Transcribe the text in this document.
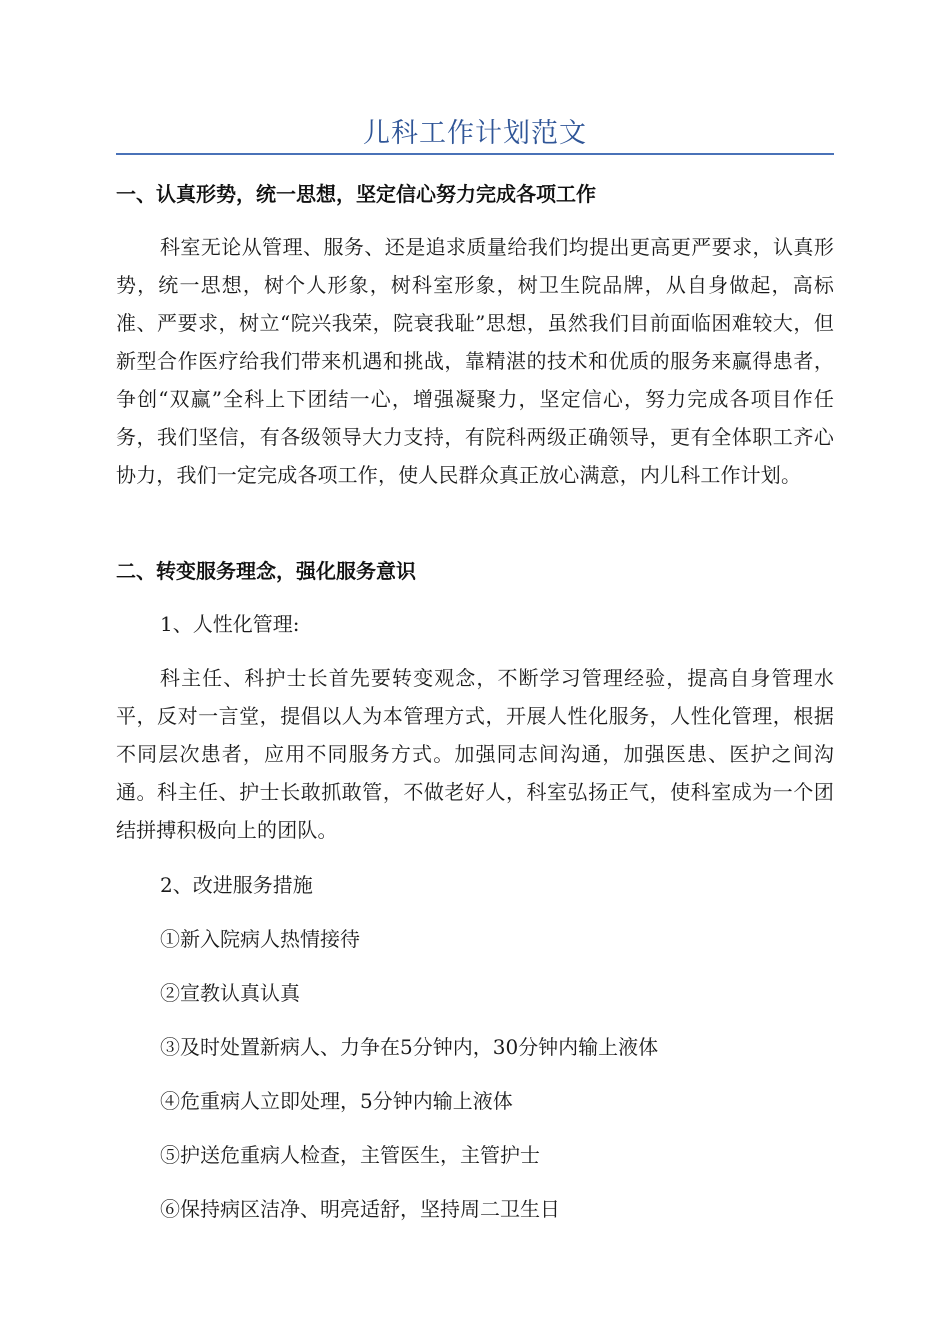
儿科工作计划范文
一、认真形势，统一思想，坚定信心努力完成各项工作

科室无论从管理、服务、还是追求质量给我们均提出更高更严要求，认真形势，统一思想，树个人形象，树科室形象，树卫生院品牌，从自身做起，高标准、严要求，树立“院兴我荣，院衰我耻”思想，虽然我们目前面临困难较大，但新型合作医疗给我们带来机遇和挑战，靠精湛的技术和优质的服务来赢得患者，争创“双赢”全科上下团结一心，增强凝聚力，坚定信心，努力完成各项目作任务，我们坚信，有各级领导大力支持，有院科两级正确领导，更有全体职工齐心协力，我们一定完成各项工作，使人民群众真正放心满意，内儿科工作计划。

二、转变服务理念，强化服务意识

1、人性化管理:

科主任、科护士长首先要转变观念，不断学习管理经验，提高自身管理水平，反对一言堂，提倡以人为本管理方式，开展人性化服务，人性化管理，根据不同层次患者，应用不同服务方式。加强同志间沟通，加强医患、医护之间沟通。科主任、护士长敢抓敢管，不做老好人，科室弘扬正气，使科室成为一个团结拼搏积极向上的团队。

2、改进服务措施

①新入院病人热情接待

②宣教认真认真

③及时处置新病人、力争在5分钟内，30分钟内输上液体

④危重病人立即处理，5分钟内输上液体

⑤护送危重病人检查，主管医生，主管护士

⑥保持病区洁净、明亮适舒，坚持周二卫生日
